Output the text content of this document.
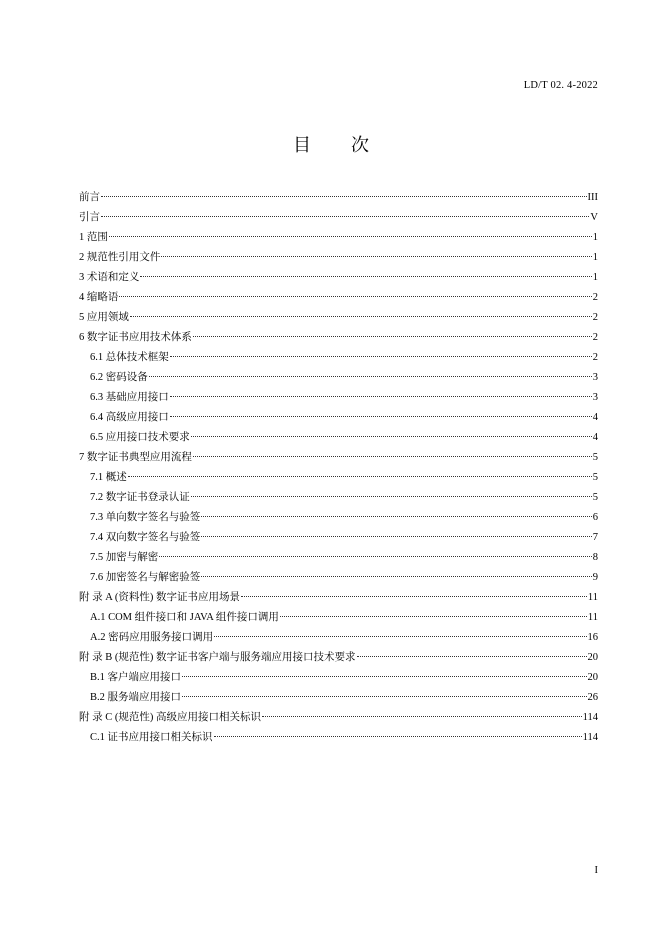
LD/T 02. 4-2022
目 次
前言	III
引言	V
1 范围	1
2 规范性引用文件	1
3 术语和定义	1
4 缩略语	2
5 应用领域	2
6 数字证书应用技术体系	2
6.1 总体技术框架	2
6.2 密码设备	3
6.3 基础应用接口	3
6.4 高级应用接口	4
6.5 应用接口技术要求	4
7 数字证书典型应用流程	5
7.1 概述	5
7.2 数字证书登录认证	5
7.3 单向数字签名与验签	6
7.4 双向数字签名与验签	7
7.5 加密与解密	8
7.6 加密签名与解密验签	9
附 录 A (资料性) 数字证书应用场景	11
A.1 COM 组件接口和 JAVA 组件接口调用	11
A.2 密码应用服务接口调用	16
附 录 B (规范性) 数字证书客户端与服务端应用接口技术要求	20
B.1 客户端应用接口	20
B.2 服务端应用接口	26
附 录 C (规范性) 高级应用接口相关标识	114
C.1 证书应用接口相关标识	114
I
